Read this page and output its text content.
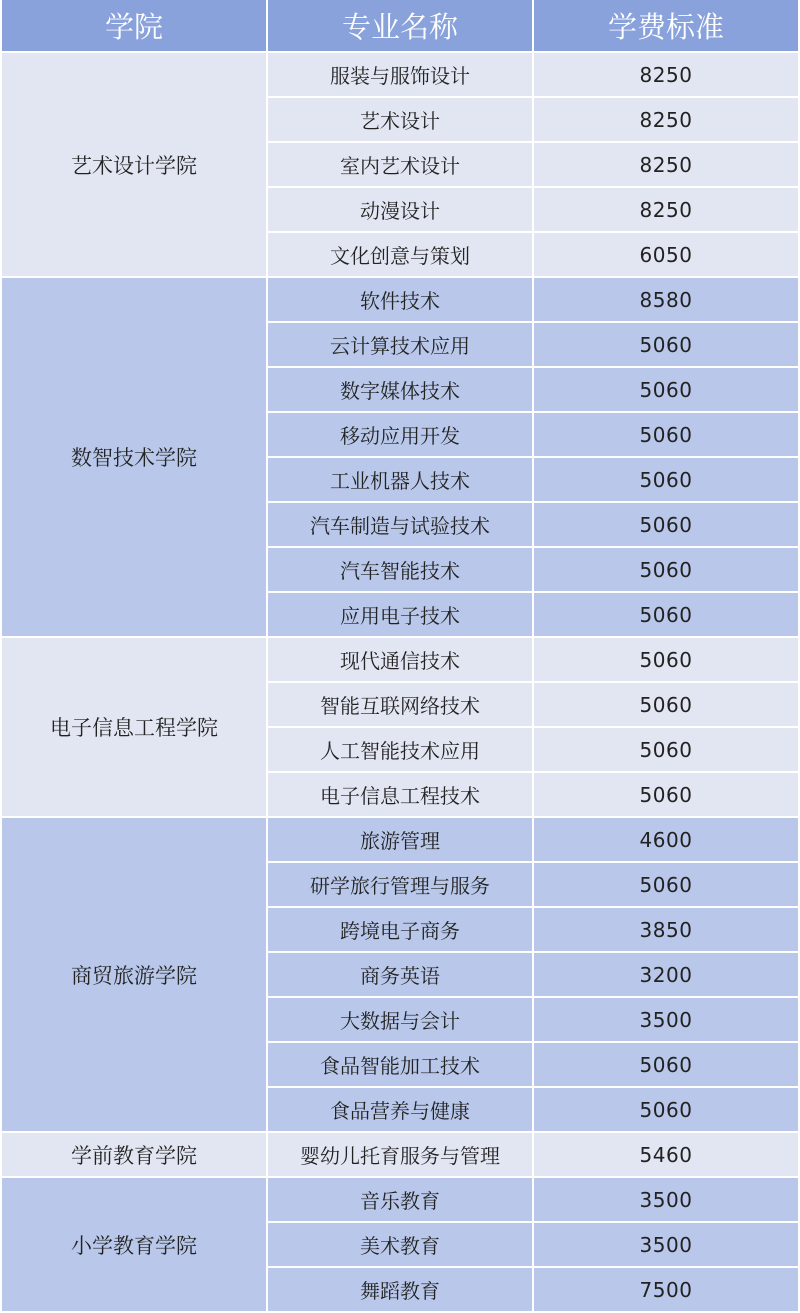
学院	专业名称	学费标准
艺术设计学院	服装与服饰设计	8250
	艺术设计	8250
	室内艺术设计	8250
	动漫设计	8250
	文化创意与策划	6050
数智技术学院	软件技术	8580
	云计算技术应用	5060
	数字媒体技术	5060
	移动应用开发	5060
	工业机器人技术	5060
	汽车制造与试验技术	5060
	汽车智能技术	5060
	应用电子技术	5060
电子信息工程学院	现代通信技术	5060
	智能互联网络技术	5060
	人工智能技术应用	5060
	电子信息工程技术	5060
商贸旅游学院	旅游管理	4600
	研学旅行管理与服务	5060
	跨境电子商务	3850
	商务英语	3200
	大数据与会计	3500
	食品智能加工技术	5060
	食品营养与健康	5060
学前教育学院	婴幼儿托育服务与管理	5460
小学教育学院	音乐教育	3500
	美术教育	3500
	舞蹈教育	7500
